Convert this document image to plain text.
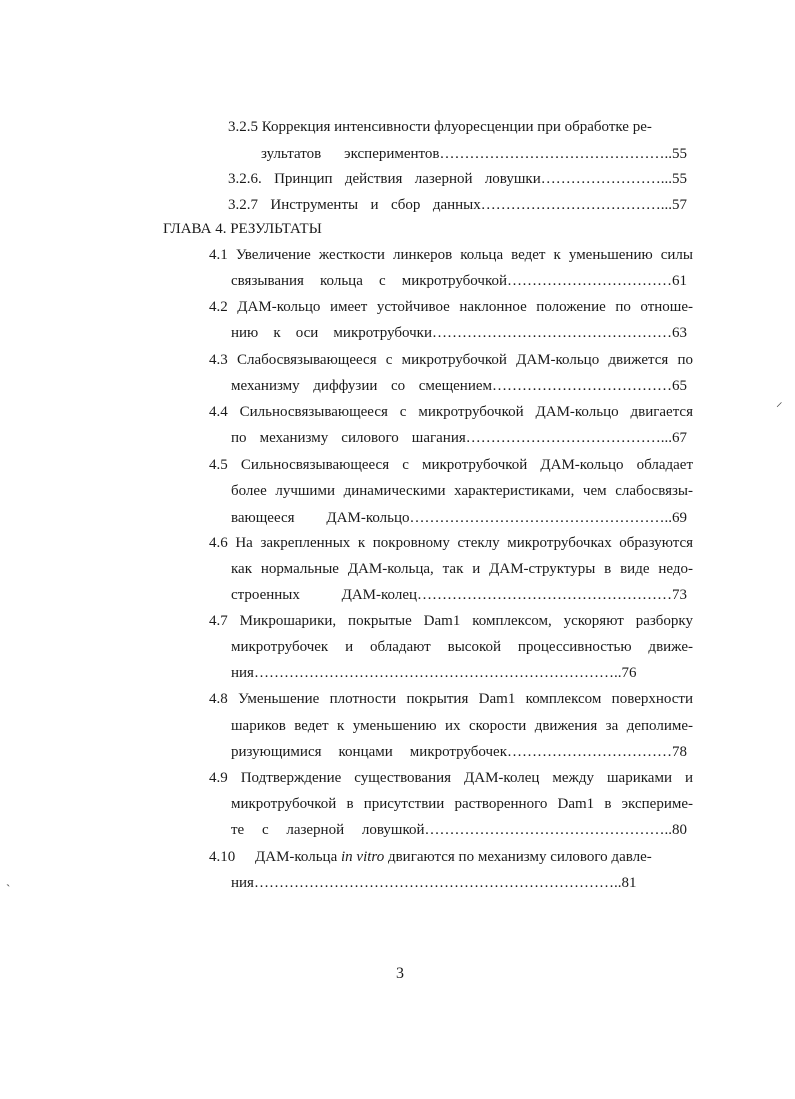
3.2.5 Коррекция интенсивности флуоресценции при обработке ре-
зультатов экспериментов………………………………………..55
3.2.6. Принцип действия лазерной ловушки……………………...55
3.2.7 Инструменты и сбор данных………………………………...57
ГЛАВА 4. РЕЗУЛЬТАТЫ
4.1 Увеличение жесткости линкеров кольца ведет к уменьшению силы
связывания кольца с микротрубочкой……………………………61
4.2 ДАМ-кольцо имеет устойчивое наклонное положение по отноше-
нию к оси микротрубочки…………………………………………63
4.3 Слабосвязывающееся с микротрубочкой ДАМ-кольцо движется по
механизму диффузии со смещением………………………………65
4.4 Сильносвязывающееся с микротрубочкой ДАМ-кольцо двигается
по механизму силового шагания…………………………………...67
4.5 Сильносвязывающееся с микротрубочкой ДАМ-кольцо обладает
более лучшими динамическими характеристиками, чем слабосвязы-
вающееся ДАМ-кольцо……………………………………………..69
4.6 На закрепленных к покровному стеклу микротрубочках образуются
как нормальные ДАМ-кольца, так и ДАМ-структуры в виде недо-
строенных ДАМ-колец……………………………………………73
4.7 Микрошарики, покрытые Dam1 комплексом, ускоряют разборку
микротрубочек и обладают высокой процессивностью движе-
ния………………………………………………………………..76
4.8 Уменьшение плотности покрытия Dam1 комплексом поверхности
шариков ведет к уменьшению их скорости движения за деполиме-
ризующимися концами микротрубочек……………………………78
4.9 Подтверждение существования ДАМ-колец между шариками и
микротрубочкой в присутствии растворенного Dam1 в экспериме-
те с лазерной ловушкой…………………………………………..80
4.10 ДАМ-кольца in vitro двигаются по механизму силового давле-
ния………………………………………………………………..81
⸝
ˏ
3
